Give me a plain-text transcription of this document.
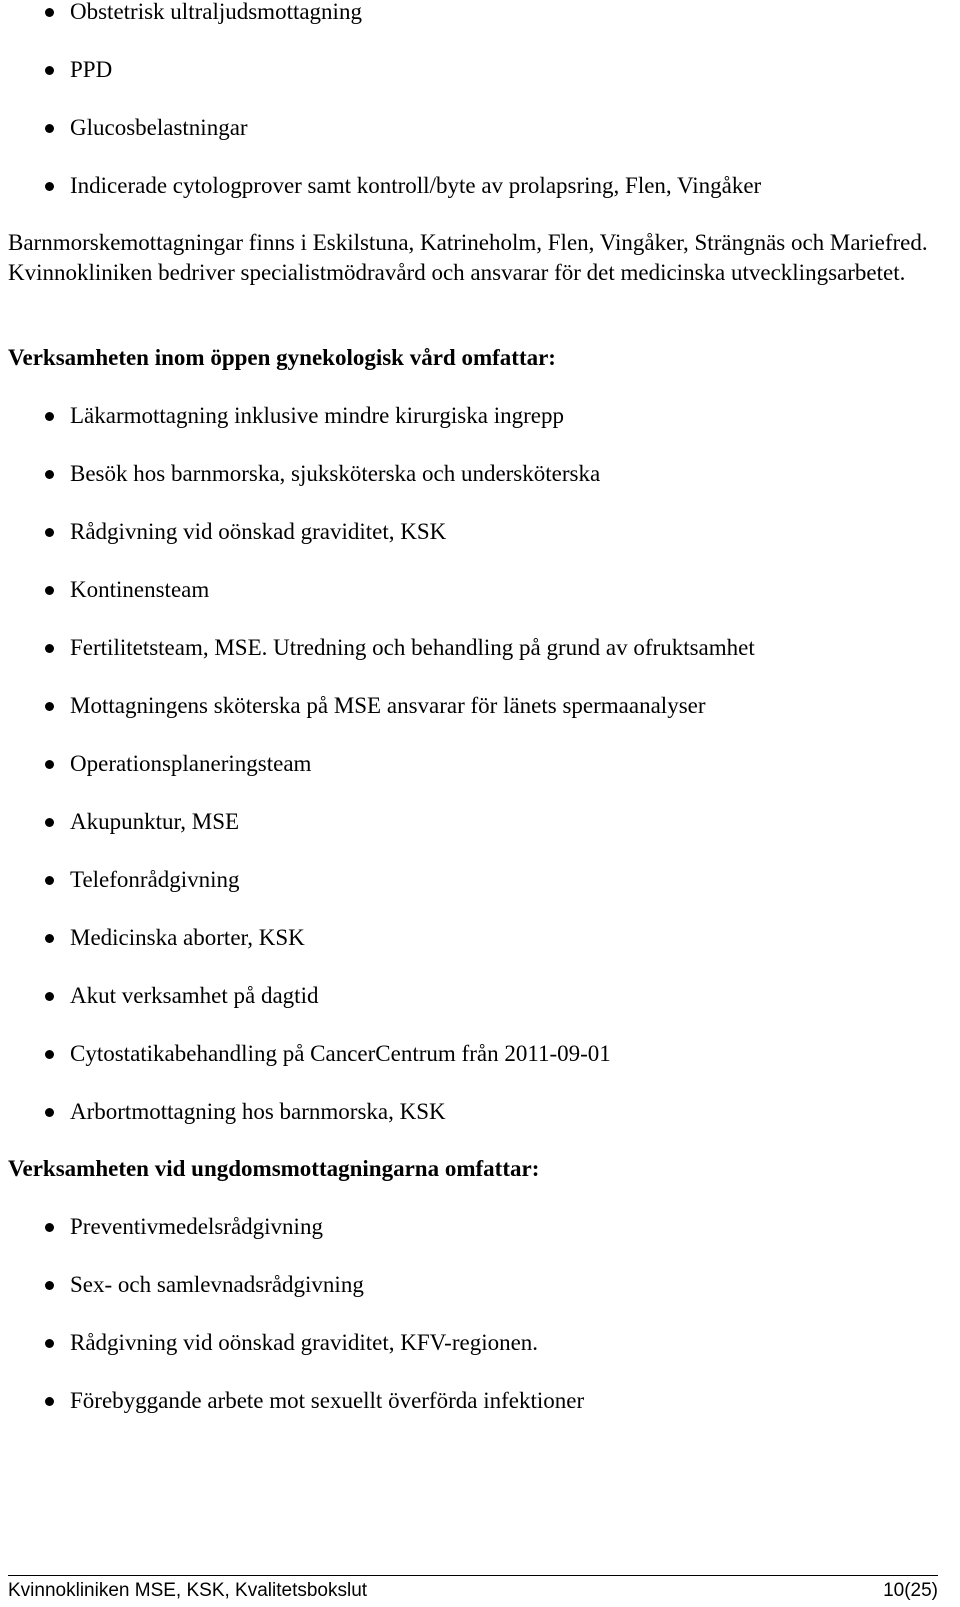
Obstetrisk ultraljudsmottagning
PPD
Glucosbelastningar
Indicerade cytologprover samt kontroll/byte av prolapsring, Flen, Vingåker
Barnmorskemottagningar finns i Eskilstuna, Katrineholm, Flen, Vingåker, Strängnäs och Mariefred. Kvinnokliniken bedriver specialistmödravård och ansvarar för det medicinska utvecklingsarbetet.
Verksamheten inom öppen gynekologisk vård omfattar:
Läkarmottagning inklusive mindre kirurgiska ingrepp
Besök hos barnmorska, sjuksköterska och undersköterska
Rådgivning vid oönskad graviditet, KSK
Kontinensteam
Fertilitetsteam, MSE. Utredning och behandling på grund av ofruktsamhet
Mottagningens sköterska på MSE ansvarar för länets spermaanalyser
Operationsplaneringsteam
Akupunktur, MSE
Telefonrådgivning
Medicinska aborter, KSK
Akut verksamhet på dagtid
Cytostatikabehandling på CancerCentrum från 2011-09-01
Arbortmottagning hos barnmorska, KSK
Verksamheten vid ungdomsmottagningarna omfattar:
Preventivmedelsrådgivning
Sex- och samlevnadsrådgivning
Rådgivning vid oönskad graviditet, KFV-regionen.
Förebyggande arbete mot sexuellt överförda infektioner
Kvinnokliniken MSE, KSK, Kvalitetsbokslut	10(25)
